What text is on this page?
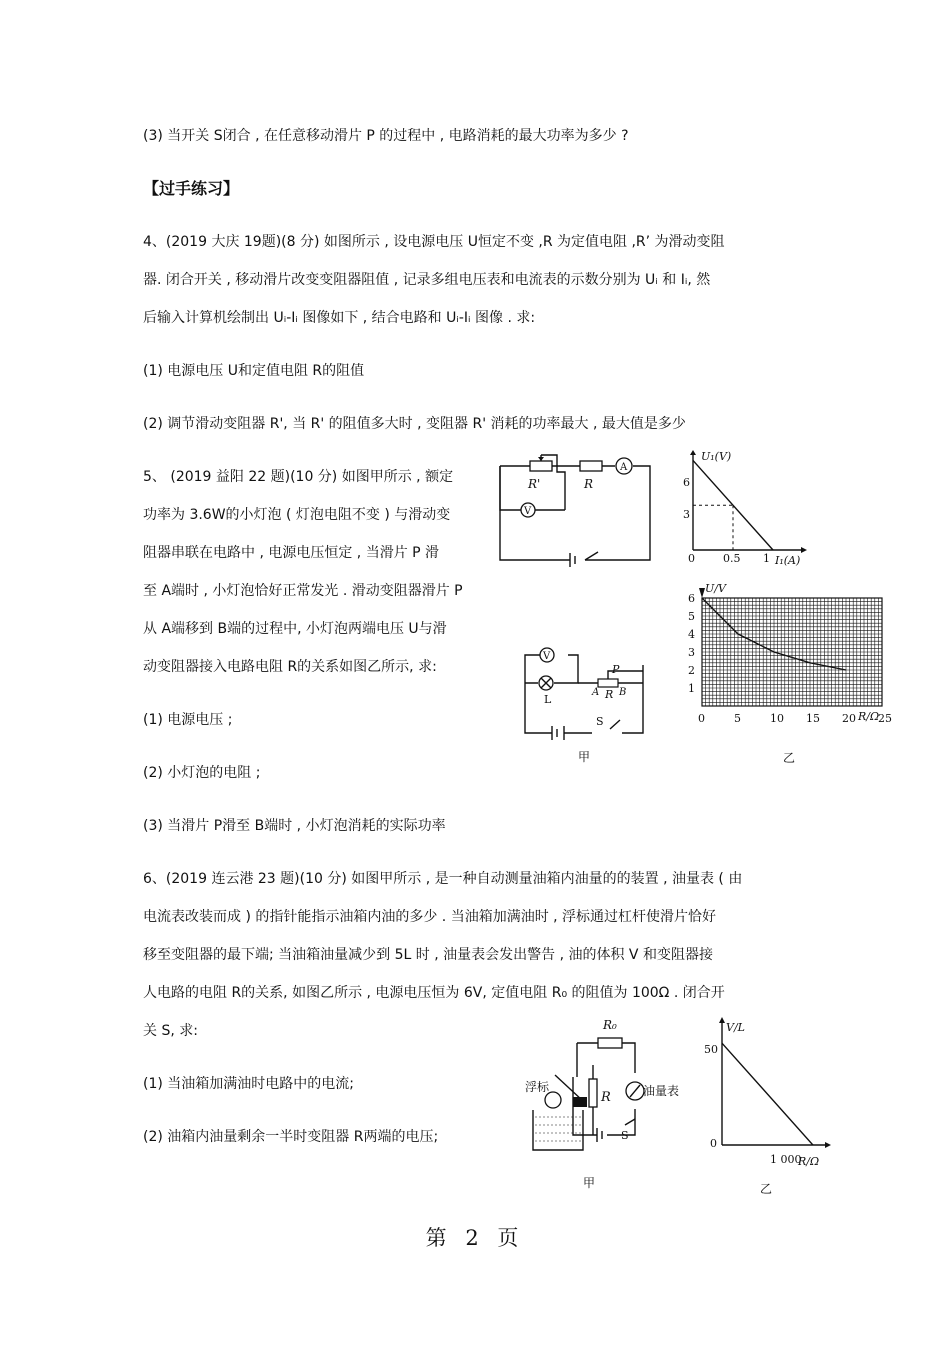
(3) 当开关 S闭合 , 在任意移动滑片 P 的过程中 , 电路消耗的最大功率为多少 ?
【过手练习】
4、(2019 大庆 19题)(8 分) 如图所示 , 设电源电压 U恒定不变 ,R 为定值电阻 ,R’ 为滑动变阻
器. 闭合开关 , 移动滑片改变变阻器阻值 , 记录多组电压表和电流表的示数分别为 Uᵢ 和 Iᵢ, 然
后输入计算机绘制出 Uᵢ-Iᵢ 图像如下 , 结合电路和 Uᵢ-Iᵢ 图像 . 求:
(1) 电源电压 U和定值电阻 R的阻值
(2) 调节滑动变阻器 R', 当 R' 的阻值多大时 , 变阻器 R' 消耗的功率最大 , 最大值是多少
5、 (2019 益阳 22 题)(10 分) 如图甲所示 , 额定
功率为 3.6W的小灯泡 ( 灯泡电阻不变 ) 与滑动变
阻器串联在电路中 , 电源电压恒定 , 当滑片 P 滑
至 A端时 , 小灯泡恰好正常发光 . 滑动变阻器滑片 P
从 A端移到 B端的过程中, 小灯泡两端电压 U与滑
动变阻器接入电路电阻 R的关系如图乙所示, 求:
(1) 电源电压 ;
(2) 小灯泡的电阻 ;
(3) 当滑片 P滑至 B端时 , 小灯泡消耗的实际功率
6、(2019 连云港 23 题)(10 分) 如图甲所示 , 是一种自动测量油箱内油量的的装置 , 油量表 ( 由
电流表改装而成 ) 的指针能指示油箱内油的多少 . 当油箱加满油时 , 浮标通过杠杆使滑片恰好
移至变阻器的最下端; 当油箱油量减少到 5L 时 , 油量表会发出警告 , 油的体积 V 和变阻器接
人电路的电阻 R的关系, 如图乙所示 , 电源电压恒为 6V, 定值电阻 R₀ 的阻值为 100Ω . 闭合开
关 S, 求:
(1) 当油箱加满油时电路中的电流;
(2) 油箱内油量剩余一半时变阻器 R两端的电压;
A
V
R'	R
U₁(V)
I₁(A)
6
3
0	0.5 1
V
L
P
A R B
S
甲
U/V
R/Ω
6
5
4
3
2
1
0	5	10 15 20 25
乙
R₀
油量表
R
浮标
S
甲
V/L
50
0
1 000
R/Ω
乙
第 2 页
